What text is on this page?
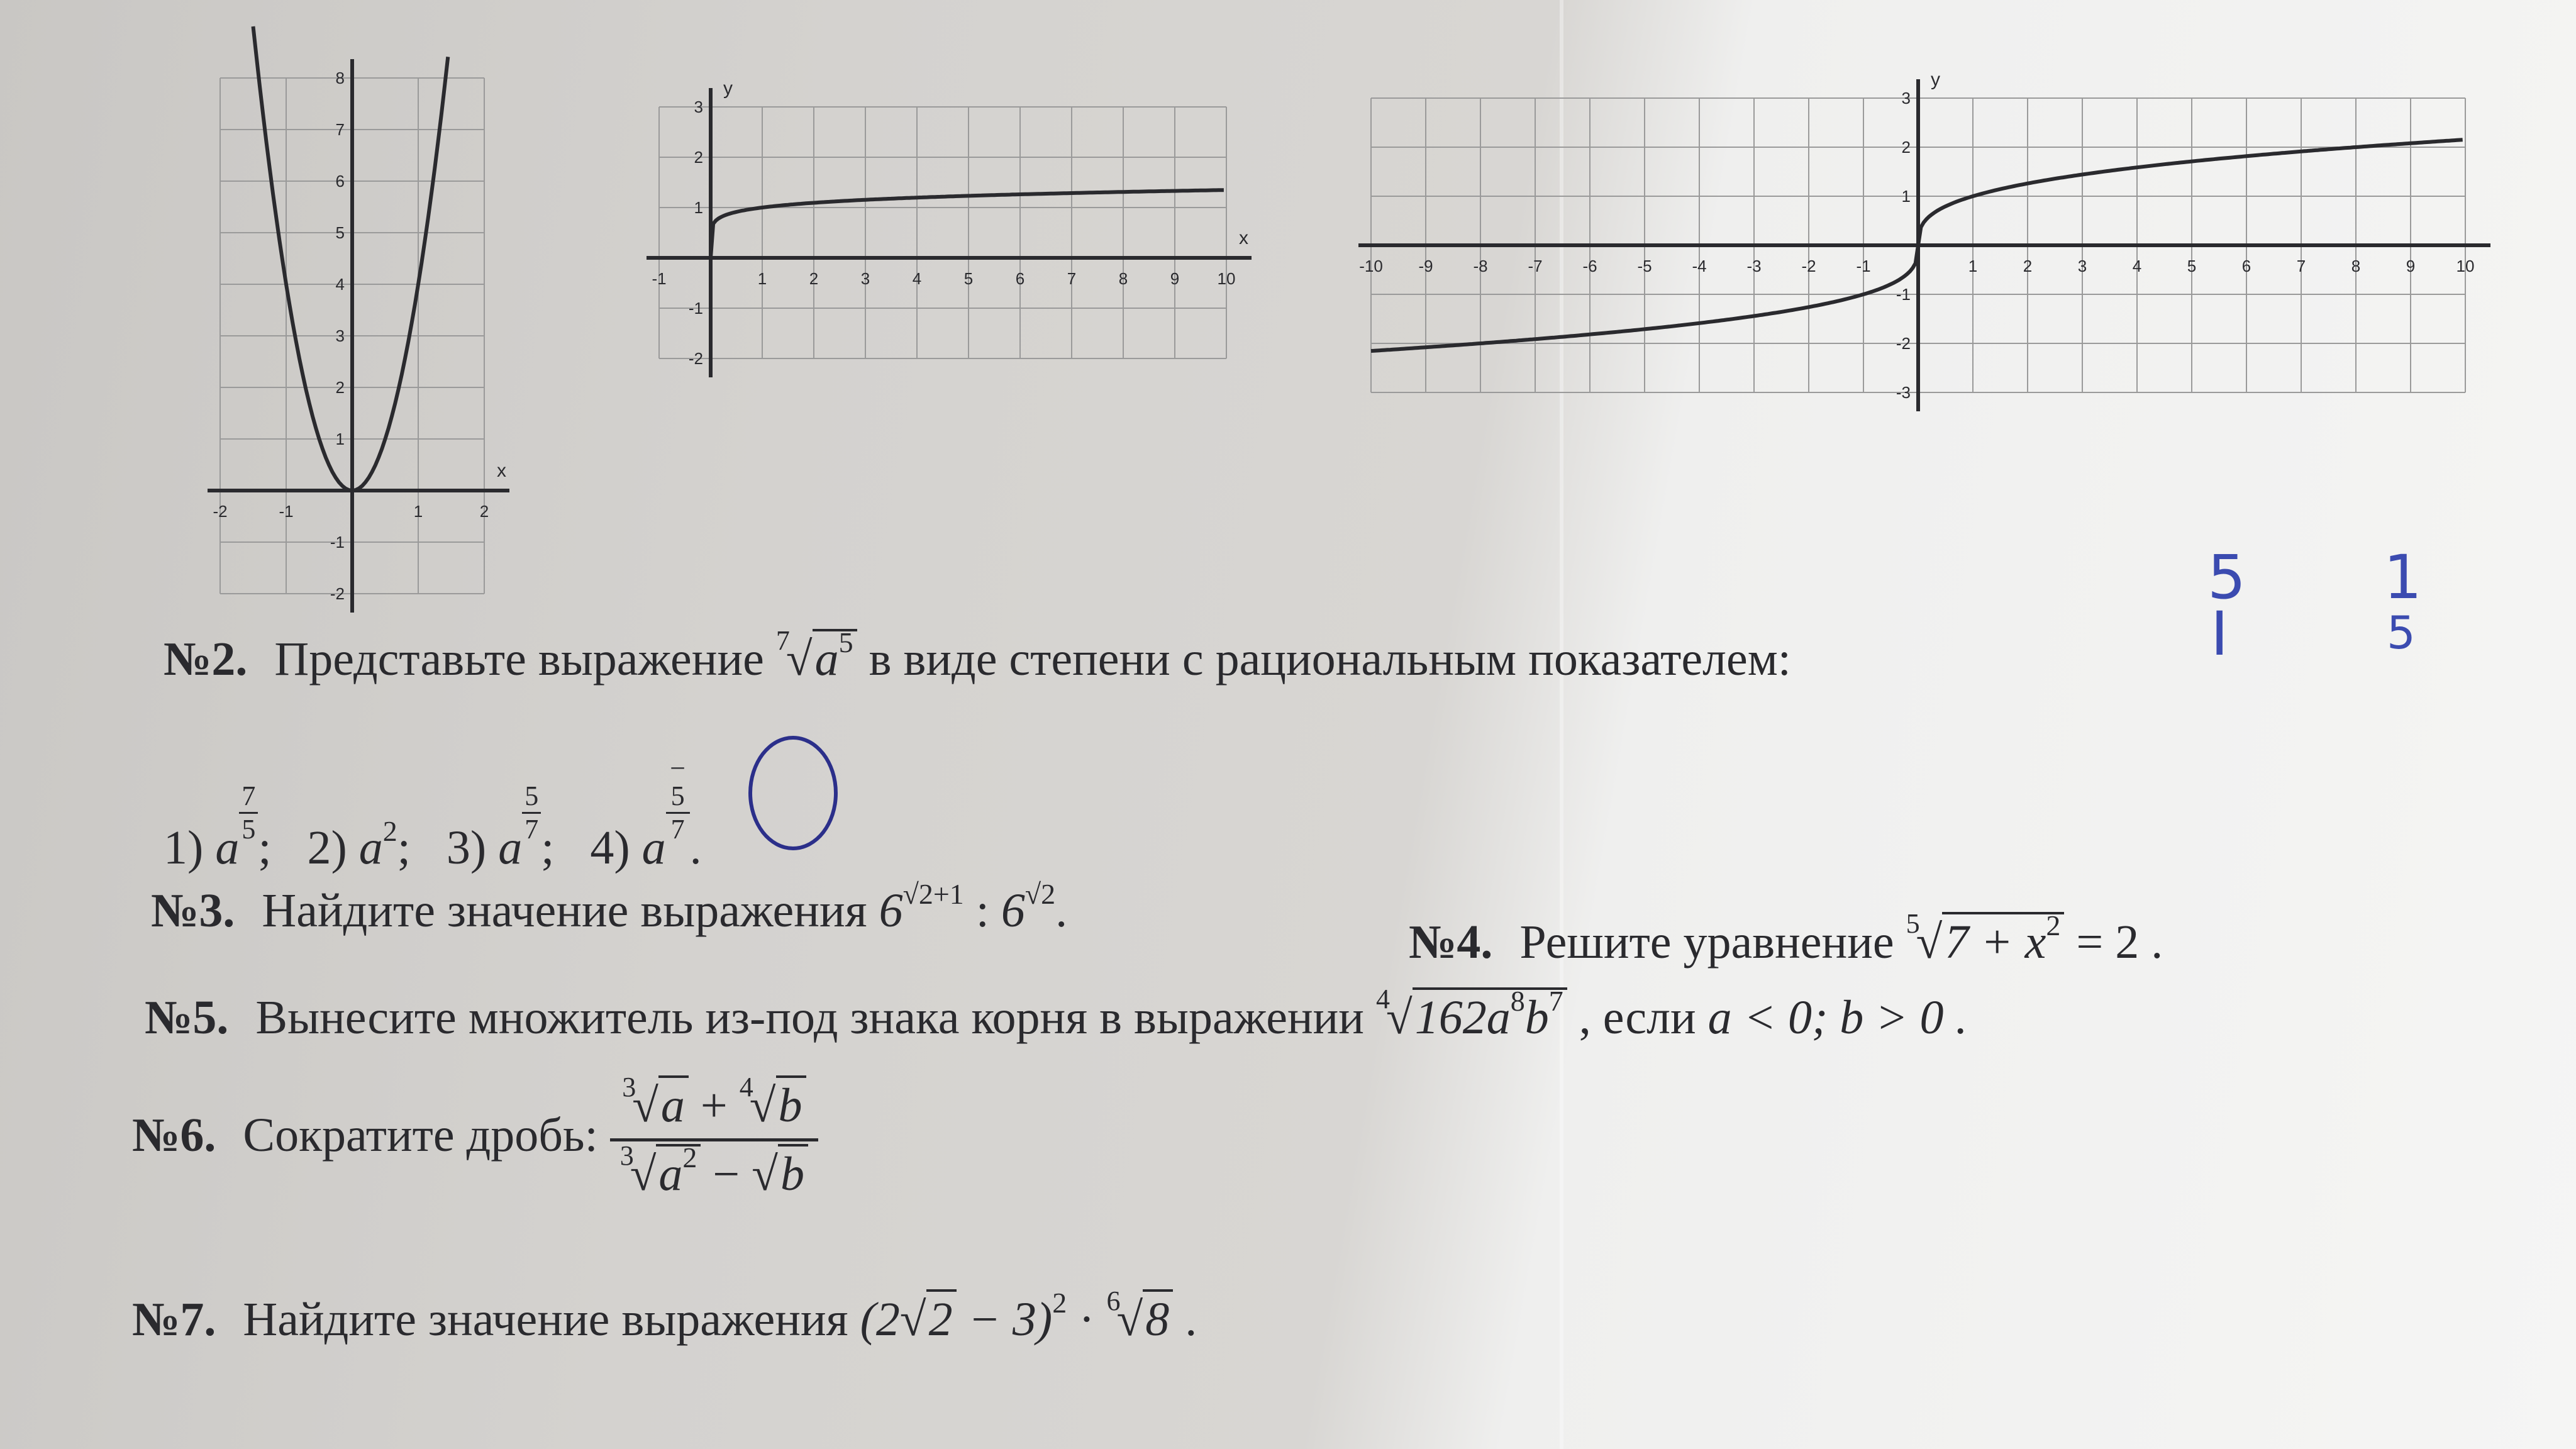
-2	-1	1	2
-2
-1
1
2
3
4
5
6
7
8
x
-1	1	2	3	4	5	6	7	8	9 10
-2
-1
1
2
3
x
y
-10 -9 -8 -7 -6 -5 -4 -3 -2 -1	1	2	3	4	5	6	7	8	9	10
-3
-2
-1
1
2
3
y
№2. Представьте выражение $^7√a^5$ в виде степени с рациональным показателем:
1) a
$\frac{7}{5}$
;   2) $a^2$;   3) a
$\frac{5}{7}$
;   4) a
−
5
7
.
№3. Найдите значение выражения $6^{√2+1}$ : $6^{√2}$.
№4. Решите уравнение $^5√7 + x^2 = 2$ .
№5. Вынесите множитель из-под знака корня в выражении $^4√162a^8b^7$ , если a < 0; b > 0 .
№6. Сократите дробь:
$^3$√a + $^4$√b
$^3√a^2 - √b$
№7. Найдите значение выражения $(2√2 - 3)^2 \cdot ^6√8$ .
5
I
1
5
